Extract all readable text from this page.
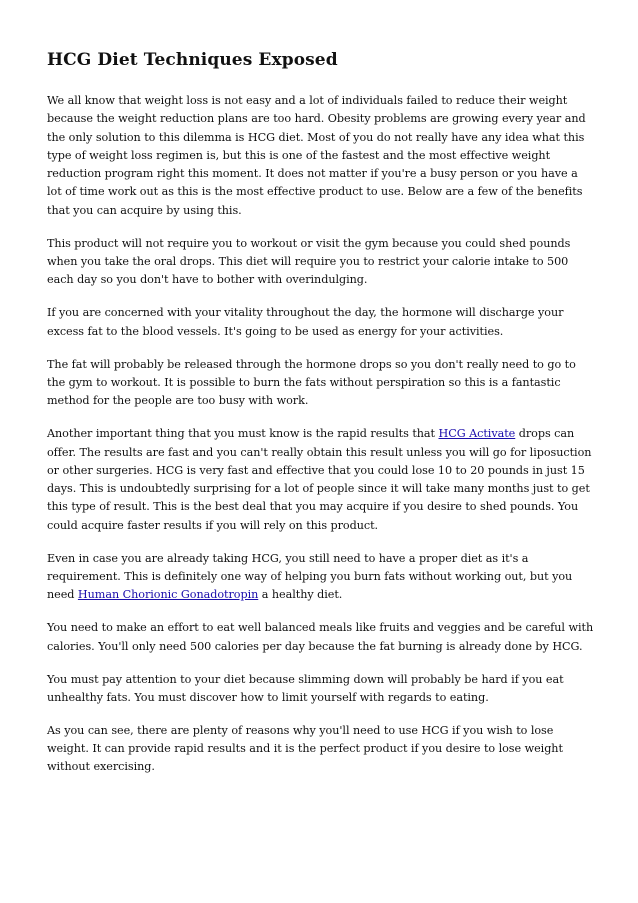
HCG Diet Techniques Exposed

We all know that weight loss is not easy and a lot of individuals failed to reduce their weight because the weight reduction plans are too hard. Obesity problems are growing every year and the only solution to this dilemma is HCG diet. Most of you do not really have any idea what this type of weight loss regimen is, but this is one of the fastest and the most effective weight reduction program right this moment. It does not matter if you're a busy person or you have a lot of time work out as this is the most effective product to use. Below are a few of the benefits that you can acquire by using this.

This product will not require you to workout or visit the gym because you could shed pounds when you take the oral drops. This diet will require you to restrict your calorie intake to 500 each day so you don't have to bother with overindulging.

If you are concerned with your vitality throughout the day, the hormone will discharge your excess fat to the blood vessels. It's going to be used as energy for your activities.

The fat will probably be released through the hormone drops so you don't really need to go to the gym to workout. It is possible to burn the fats without perspiration so this is a fantastic method for the people are too busy with work.

Another important thing that you must know is the rapid results that HCG Activate drops can offer. The results are fast and you can't really obtain this result unless you will go for liposuction or other surgeries. HCG is very fast and effective that you could lose 10 to 20 pounds in just 15 days. This is undoubtedly surprising for a lot of people since it will take many months just to get this type of result. This is the best deal that you may acquire if you desire to shed pounds. You could acquire faster results if you will rely on this product.

Even in case you are already taking HCG, you still need to have a proper diet as it's a requirement. This is definitely one way of helping you burn fats without working out, but you need Human Chorionic Gonadotropin a healthy diet.

You need to make an effort to eat well balanced meals like fruits and veggies and be careful with calories. You'll only need 500 calories per day because the fat burning is already done by HCG.

You must pay attention to your diet because slimming down will probably be hard if you eat unhealthy fats. You must discover how to limit yourself with regards to eating.

As you can see, there are plenty of reasons why you'll need to use HCG if you wish to lose weight. It can provide rapid results and it is the perfect product if you desire to lose weight without exercising.
